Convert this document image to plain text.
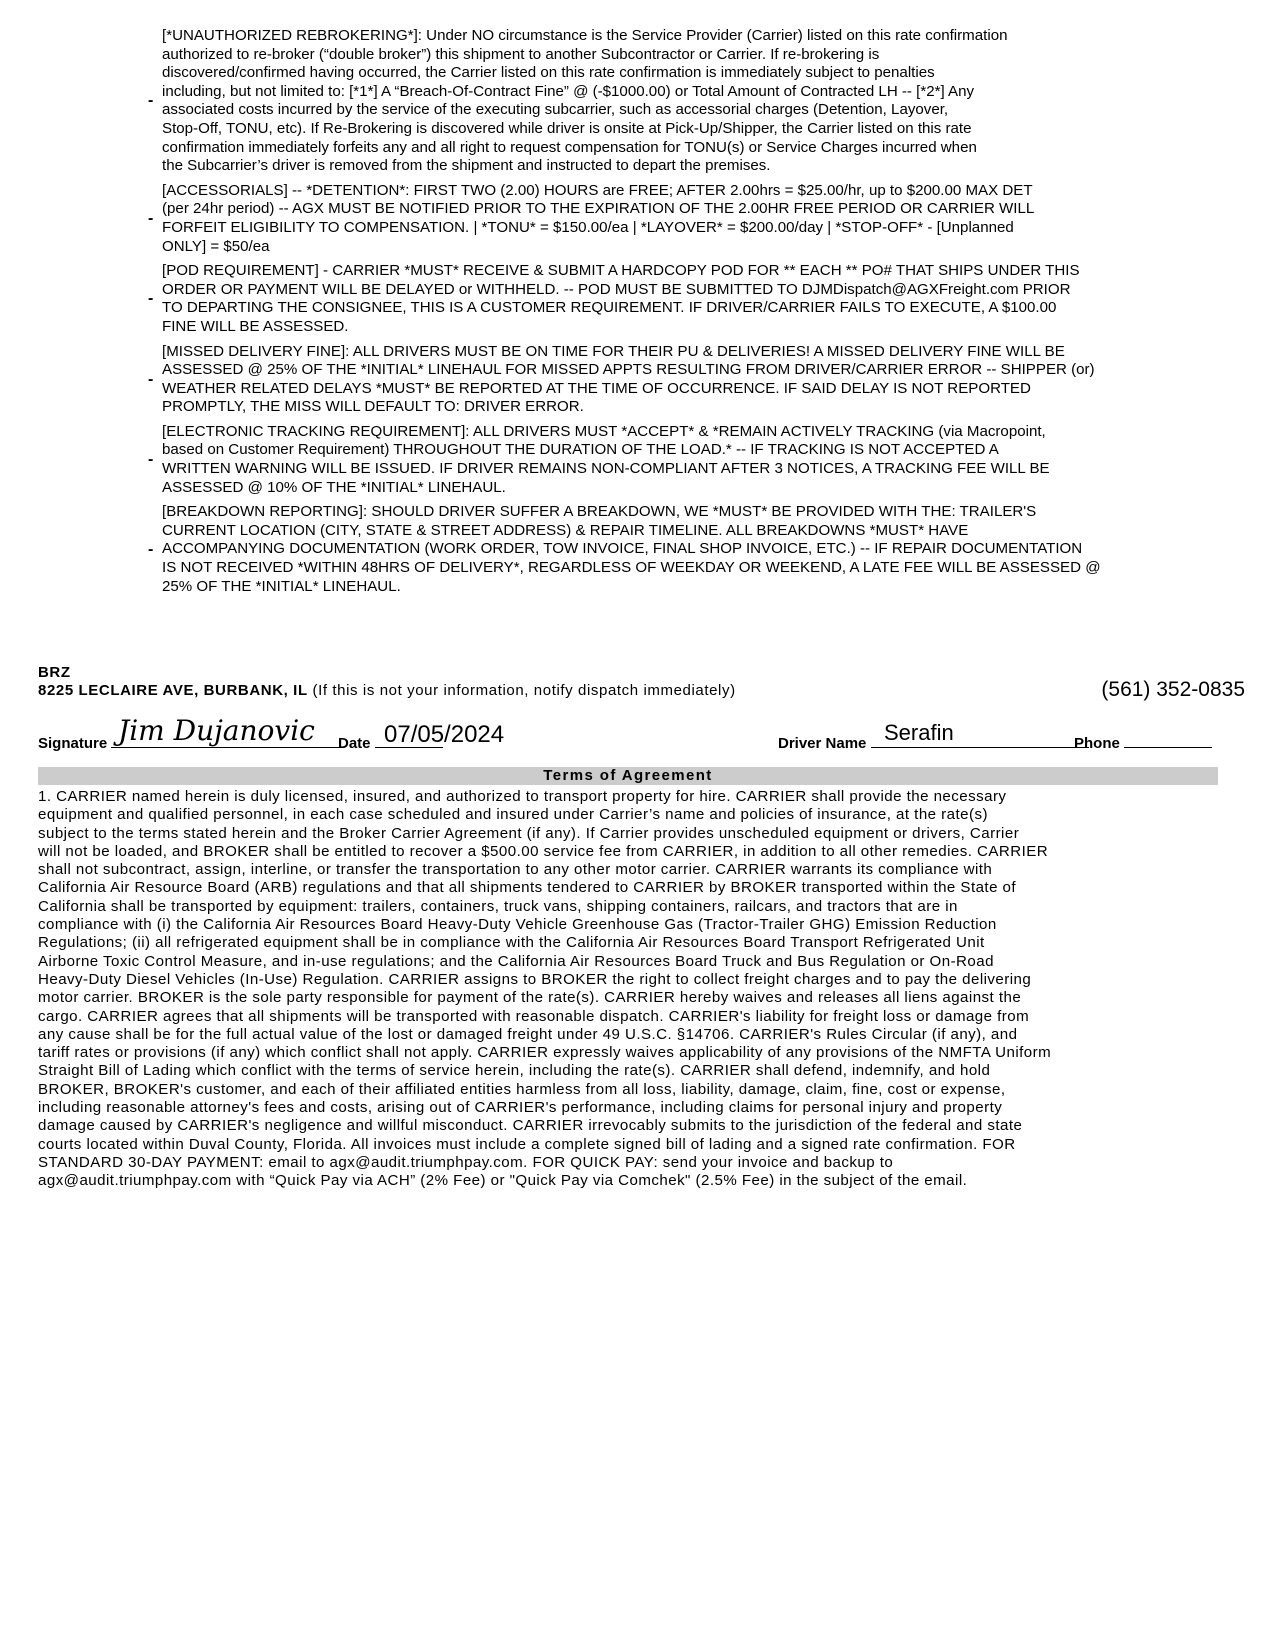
-
[*UNAUTHORIZED REBROKERING*]: Under NO circumstance is the Service Provider (Carrier) listed on this rate confirmation
authorized to re-broker (“double broker”) this shipment to another Subcontractor or Carrier. If re-brokering is
discovered/confirmed having occurred, the Carrier listed on this rate confirmation is immediately subject to penalties
including, but not limited to: [*1*] A “Breach-Of-Contract Fine” @ (-$1000.00) or Total Amount of Contracted LH -- [*2*] Any
associated costs incurred by the service of the executing subcarrier, such as accessorial charges (Detention, Layover,
Stop-Off, TONU, etc). If Re-Brokering is discovered while driver is onsite at Pick-Up/Shipper, the Carrier listed on this rate
confirmation immediately forfeits any and all right to request compensation for TONU(s) or Service Charges incurred when
the Subcarrier’s driver is removed from the shipment and instructed to depart the premises.
-
[ACCESSORIALS] -- *DETENTION*: FIRST TWO (2.00) HOURS are FREE; AFTER 2.00hrs = $25.00/hr, up to $200.00 MAX DET
(per 24hr period) -- AGX MUST BE NOTIFIED PRIOR TO THE EXPIRATION OF THE 2.00HR FREE PERIOD OR CARRIER WILL
FORFEIT ELIGIBILITY TO COMPENSATION. | *TONU* = $150.00/ea | *LAYOVER* = $200.00/day | *STOP-OFF* - [Unplanned
ONLY] = $50/ea
-
[POD REQUIREMENT] - CARRIER *MUST* RECEIVE & SUBMIT A HARDCOPY POD FOR ** EACH ** PO# THAT SHIPS UNDER THIS
ORDER OR PAYMENT WILL BE DELAYED or WITHHELD. -- POD MUST BE SUBMITTED TO DJMDispatch@AGXFreight.com PRIOR
TO DEPARTING THE CONSIGNEE, THIS IS A CUSTOMER REQUIREMENT. IF DRIVER/CARRIER FAILS TO EXECUTE, A $100.00
FINE WILL BE ASSESSED.
-
[MISSED DELIVERY FINE]: ALL DRIVERS MUST BE ON TIME FOR THEIR PU & DELIVERIES! A MISSED DELIVERY FINE WILL BE
ASSESSED @ 25% OF THE *INITIAL* LINEHAUL FOR MISSED APPTS RESULTING FROM DRIVER/CARRIER ERROR -- SHIPPER (or)
WEATHER RELATED DELAYS *MUST* BE REPORTED AT THE TIME OF OCCURRENCE. IF SAID DELAY IS NOT REPORTED
PROMPTLY, THE MISS WILL DEFAULT TO: DRIVER ERROR.
-
[ELECTRONIC TRACKING REQUIREMENT]: ALL DRIVERS MUST *ACCEPT* & *REMAIN ACTIVELY TRACKING (via Macropoint,
based on Customer Requirement) THROUGHOUT THE DURATION OF THE LOAD.* -- IF TRACKING IS NOT ACCEPTED A
WRITTEN WARNING WILL BE ISSUED. IF DRIVER REMAINS NON-COMPLIANT AFTER 3 NOTICES, A TRACKING FEE WILL BE
ASSESSED @ 10% OF THE *INITIAL* LINEHAUL.
-
[BREAKDOWN REPORTING]: SHOULD DRIVER SUFFER A BREAKDOWN, WE *MUST* BE PROVIDED WITH THE: TRAILER'S
CURRENT LOCATION (CITY, STATE & STREET ADDRESS) & REPAIR TIMELINE. ALL BREAKDOWNS *MUST* HAVE
ACCOMPANYING DOCUMENTATION (WORK ORDER, TOW INVOICE, FINAL SHOP INVOICE, ETC.) -- IF REPAIR DOCUMENTATION
IS NOT RECEIVED *WITHIN 48HRS OF DELIVERY*, REGARDLESS OF WEEKDAY OR WEEKEND, A LATE FEE WILL BE ASSESSED @
25% OF THE *INITIAL* LINEHAUL.
BRZ
8225 LECLAIRE AVE, BURBANK, IL (If this is not your information, notify dispatch immediately)	(561) 352-0835
Signature Jim Dujanovic Date 07/05/2024	Driver Name Serafin	Phone
Terms of Agreement
1. CARRIER named herein is duly licensed, insured, and authorized to transport property for hire. CARRIER shall provide the necessary
equipment and qualified personnel, in each case scheduled and insured under Carrier’s name and policies of insurance, at the rate(s)
subject to the terms stated herein and the Broker Carrier Agreement (if any). If Carrier provides unscheduled equipment or drivers, Carrier
will not be loaded, and BROKER shall be entitled to recover a $500.00 service fee from CARRIER, in addition to all other remedies. CARRIER
shall not subcontract, assign, interline, or transfer the transportation to any other motor carrier. CARRIER warrants its compliance with
California Air Resource Board (ARB) regulations and that all shipments tendered to CARRIER by BROKER transported within the State of
California shall be transported by equipment: trailers, containers, truck vans, shipping containers, railcars, and tractors that are in
compliance with (i) the California Air Resources Board Heavy-Duty Vehicle Greenhouse Gas (Tractor-Trailer GHG) Emission Reduction
Regulations; (ii) all refrigerated equipment shall be in compliance with the California Air Resources Board Transport Refrigerated Unit
Airborne Toxic Control Measure, and in-use regulations; and the California Air Resources Board Truck and Bus Regulation or On-Road
Heavy-Duty Diesel Vehicles (In-Use) Regulation. CARRIER assigns to BROKER the right to collect freight charges and to pay the delivering
motor carrier. BROKER is the sole party responsible for payment of the rate(s). CARRIER hereby waives and releases all liens against the
cargo. CARRIER agrees that all shipments will be transported with reasonable dispatch. CARRIER's liability for freight loss or damage from
any cause shall be for the full actual value of the lost or damaged freight under 49 U.S.C. §14706. CARRIER's Rules Circular (if any), and
tariff rates or provisions (if any) which conflict shall not apply. CARRIER expressly waives applicability of any provisions of the NMFTA Uniform
Straight Bill of Lading which conflict with the terms of service herein, including the rate(s). CARRIER shall defend, indemnify, and hold
BROKER, BROKER's customer, and each of their affiliated entities harmless from all loss, liability, damage, claim, fine, cost or expense,
including reasonable attorney's fees and costs, arising out of CARRIER's performance, including claims for personal injury and property
damage caused by CARRIER's negligence and willful misconduct. CARRIER irrevocably submits to the jurisdiction of the federal and state
courts located within Duval County, Florida. All invoices must include a complete signed bill of lading and a signed rate confirmation. FOR
STANDARD 30-DAY PAYMENT: email to agx@audit.triumphpay.com. FOR QUICK PAY: send your invoice and backup to
agx@audit.triumphpay.com with “Quick Pay via ACH” (2% Fee) or "Quick Pay via Comchek" (2.5% Fee) in the subject of the email.
